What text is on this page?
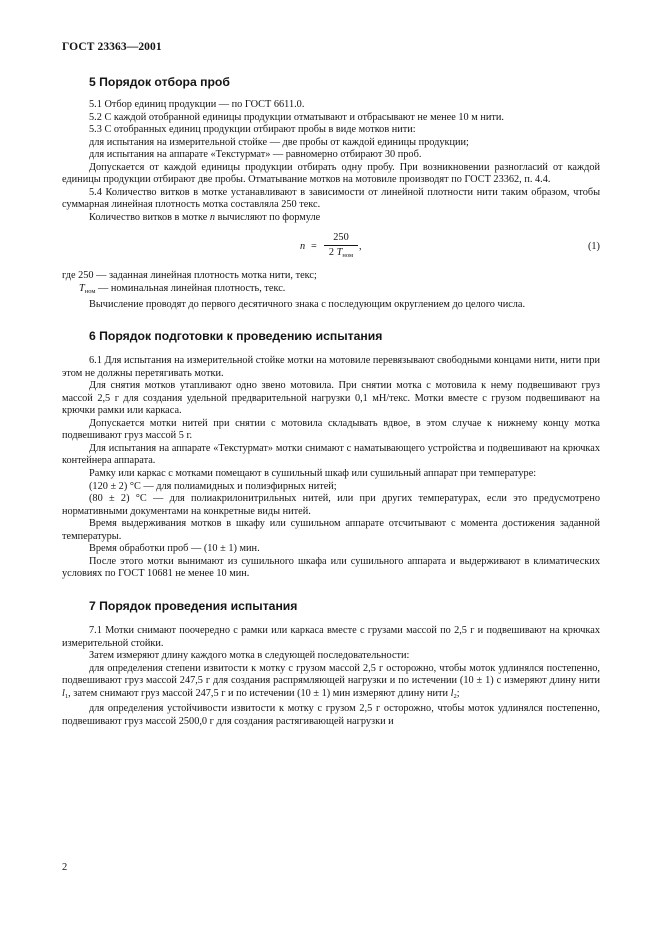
ГОСТ 23363—2001

5 Порядок отбора проб

5.1 Отбор единиц продукции — по ГОСТ 6611.0.

5.2 С каждой отобранной единицы продукции отматывают и отбрасывают не менее 10 м нити.

5.3 С отобранных единиц продукции отбирают пробы в виде мотков нити:

для испытания на измерительной стойке — две пробы от каждой единицы продукции;

для испытания на аппарате «Текстурмат» — равномерно отбирают 30 проб.

Допускается от каждой единицы продукции отбирать одну пробу. При возникновении разногласий от каждой единицы продукции отбирают две пробы. Отматывание мотков на мотовиле производят по ГОСТ 23362, п. 4.4.

5.4 Количество витков в мотке устанавливают в зависимости от линейной плотности нити таким образом, чтобы суммарная линейная плотность мотка составляла 250 текс.

Количество витков в мотке n вычисляют по формуле

n =
250
2 $T_{ном}$
,	(1)

где 250 — заданная линейная плотность мотка нити, текс;

$T_{ном}$ — номинальная линейная плотность, текс.

Вычисление проводят до первого десятичного знака с последующим округлением до целого числа.

6 Порядок подготовки к проведению испытания

6.1 Для испытания на измерительной стойке мотки на мотовиле перевязывают свободными концами нити, нити при этом не должны перетягивать мотки.

Для снятия мотков утапливают одно звено мотовила. При снятии мотка с мотовила к нему подвешивают груз массой 2,5 г для создания удельной предварительной нагрузки 0,1 мН/текс. Мотки вместе с грузом подвешивают на крючки рамки или каркаса.

Допускается мотки нитей при снятии с мотовила складывать вдвое, в этом случае к нижнему концу мотка подвешивают груз массой 5 г.

Для испытания на аппарате «Текстурмат» мотки снимают с наматывающего устройства и подвешивают на крючках контейнера аппарата.

Рамку или каркас с мотками помещают в сушильный шкаф или сушильный аппарат при температуре:

(120 ± 2) °С — для полиамидных и полиэфирных нитей;

(80 ± 2) °С — для полиакрилонитрильных нитей, или при других температурах, если это предусмотрено нормативными документами на конкретные виды нитей.

Время выдерживания мотков в шкафу или сушильном аппарате отсчитывают с момента достижения заданной температуры.

Время обработки проб — (10 ± 1) мин.

После этого мотки вынимают из сушильного шкафа или сушильного аппарата и выдерживают в климатических условиях по ГОСТ 10681 не менее 10 мин.

7 Порядок проведения испытания

7.1 Мотки снимают поочередно с рамки или каркаса вместе с грузами массой по 2,5 г и подвешивают на крючках измерительной стойки.

Затем измеряют длину каждого мотка в следующей последовательности:

для определения степени извитости к мотку с грузом массой 2,5 г осторожно, чтобы моток удлинялся постепенно, подвешивают груз массой 247,5 г для создания распрямляющей нагрузки и по истечении (10 ± 1) с измеряют длину нити $l_1$, затем снимают груз массой 247,5 г и по истечении (10 ± 1) мин измеряют длину нити $l_2$;

для определения устойчивости извитости к мотку с грузом 2,5 г осторожно, чтобы моток удлинялся постепенно, подвешивают груз массой 2500,0 г для создания растягивающей нагрузки и

2
